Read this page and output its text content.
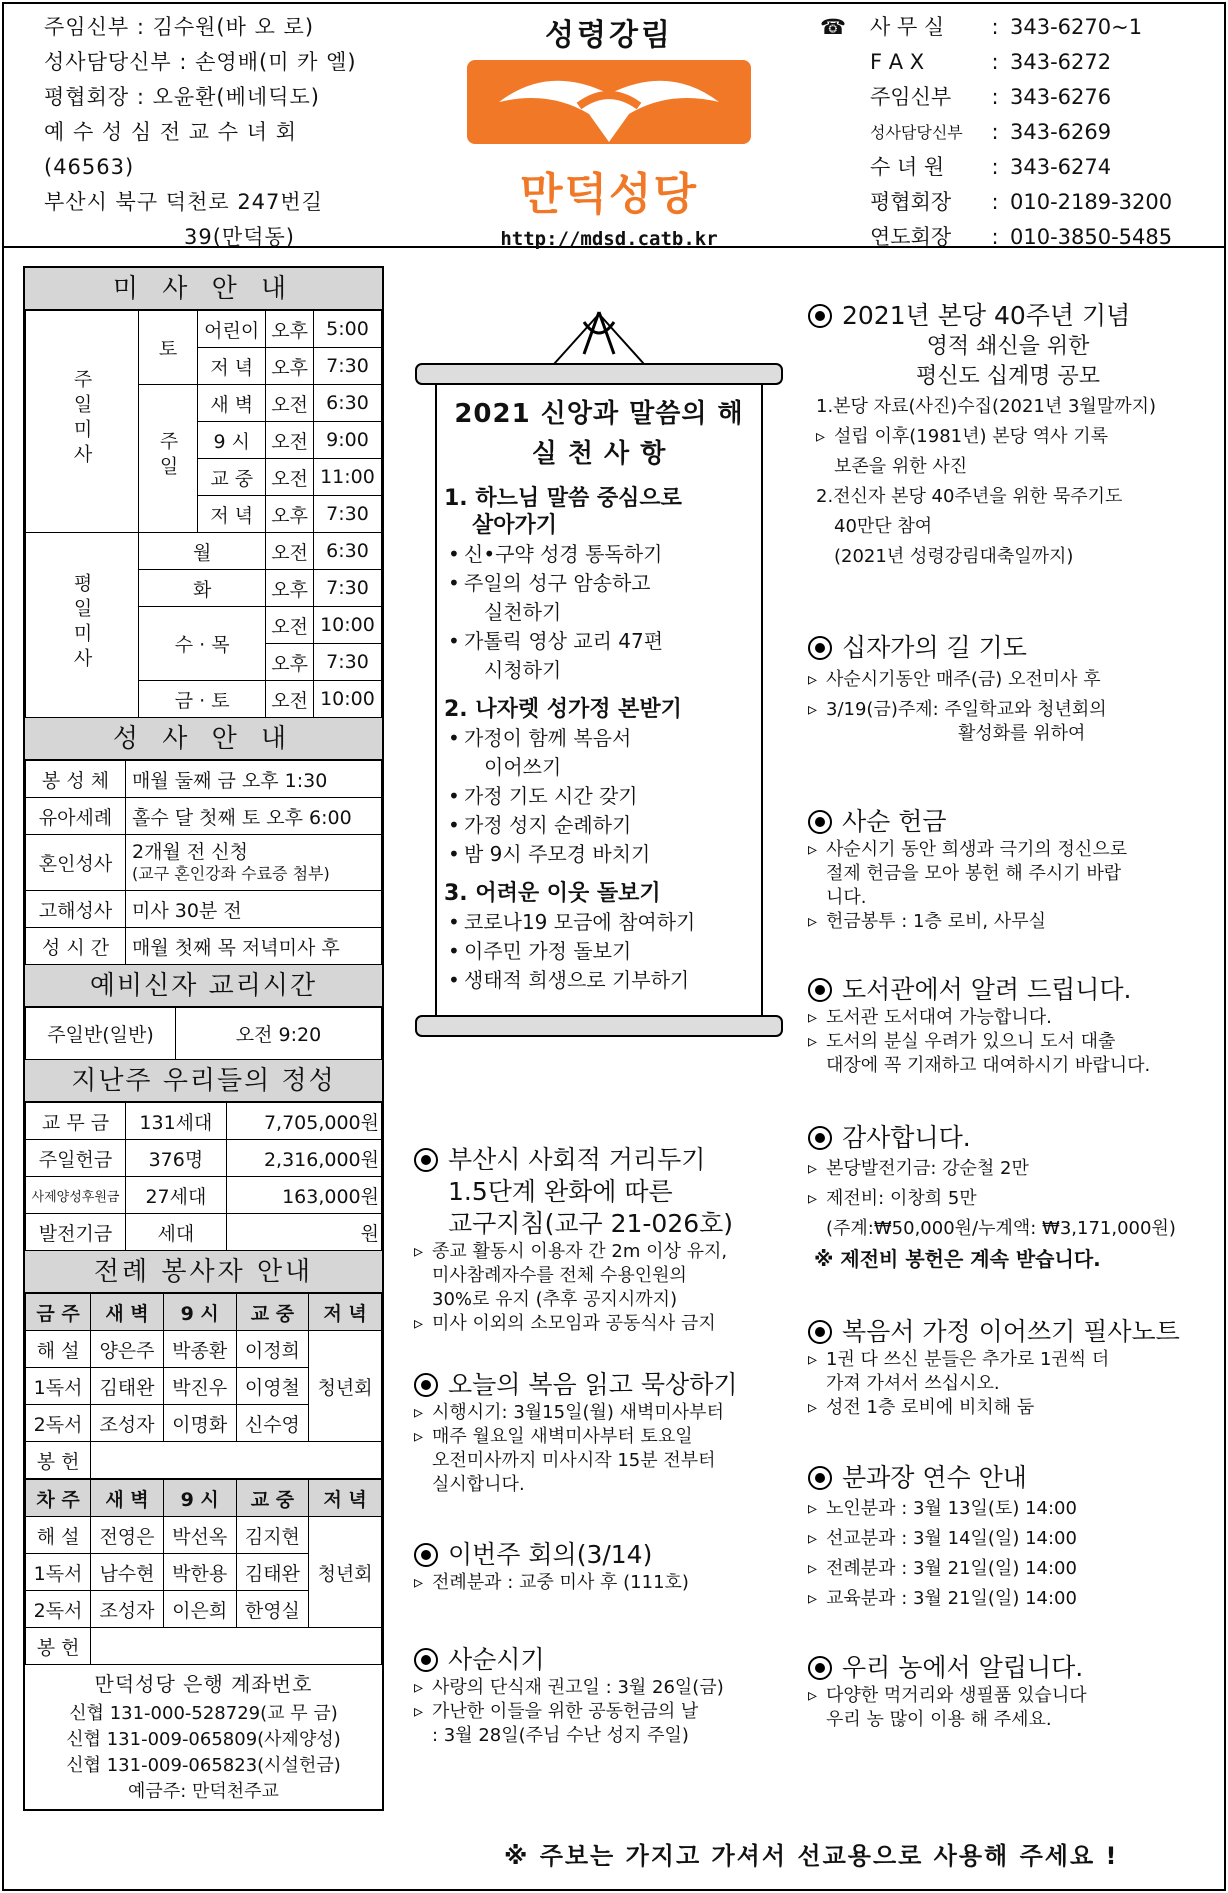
주임신부 : 김수원(바 오 로)
성사담당신부 : 손영배(미 카 엘)
평협회장 : 오윤환(베네딕도)
예 수 성 심 전 교 수 녀 회
(46563)
부산시 북구 덕천로 247번길
39(만덕동)
성령강림
만덕성당
http://mdsd.catb.kr
☎	사 무 실	: 343-6270~1
F A X	: 343-6272
주임신부	: 343-6276
성사담당신부	: 343-6269
수 녀 원	: 343-6274
평협회장	: 010-2189-3200
연도회장	: 010-3850-5485
미 사 안 내
주일미사	토	어린이	오후	5:00
		저 녁	오후	7:30
	주일	새 벽	오전	6:30
		9 시	오전	9:00
		교 중	오전	11:00
		저 녁	오후	7:30
평일미사	월		오전	6:30
	화		오후	7:30
	수 · 목		오전	10:00
			오후	7:30
	금 · 토		오전	10:00
성 사 안 내
봉 성 체	매월 둘째 금 오후 1:30
유아세례	홀수 달 첫째 토 오후 6:00
혼인성사	2개월 전 신청
(교구 혼인강좌 수료증 첨부)

고해성사	미사 30분 전
성 시 간	매월 첫째 목 저녁미사 후
예비신자 교리시간
주일반(일반)	오전 9:20
지난주 우리들의 정성
교 무 금	131세대	7,705,000원
주일헌금	376명	2,316,000원
사제양성후원금	27세대	163,000원
발전기금	세대	원
전례 봉사자 안내
금 주	새 벽	9 시	교 중	저 녁
해 설	양은주	박종환	이정희	청년회
1독서	김태완	박진우	이영철	
2독서	조성자	이명화	신수영	
봉 헌				
차 주	새 벽	9 시	교 중	저 녁
해 설	전영은	박선옥	김지현	청년회
1독서	남수현	박한용	김태완	
2독서	조성자	이은희	한영실	
봉 헌				
만덕성당 은행 계좌번호
신협 131-000-528729(교 무 금)
신협 131-009-065809(사제양성)
신협 131-009-065823(시설헌금)
예금주: 만덕천주교
2021 신앙과 말씀의 해
실 천 사 항
1. 하느님 말씀 중심으로
살아가기
• 신•구약 성경 통독하기
• 주일의 성구 암송하고
실천하기
• 가톨릭 영상 교리 47편
시청하기
2. 나자렛 성가정 본받기
• 가정이 함께 복음서
이어쓰기
• 가정 기도 시간 갖기
• 가정 성지 순례하기
• 밤 9시 주모경 바치기
3. 어려운 이웃 돌보기
• 코로나19 모금에 참여하기
• 이주민 가정 돌보기
• 생태적 희생으로 기부하기
부산시 사회적 거리두기
1.5단계 완화에 따른
교구지침(교구 21-026호)
▹ 종교 활동시 이용자 간 2m 이상 유지,
미사참례자수를 전체 수용인원의
30%로 유지 (추후 공지시까지)
▹ 미사 이외의 소모임과 공동식사 금지
오늘의 복음 읽고 묵상하기
▹ 시행시기: 3월15일(월) 새벽미사부터
▹ 매주 월요일 새벽미사부터 토요일
오전미사까지 미사시작 15분 전부터
실시합니다.
이번주 회의(3/14)
▹ 전례분과 : 교중 미사 후 (111호)
사순시기
▹ 사랑의 단식재 권고일 : 3월 26일(금)
▹ 가난한 이들을 위한 공동헌금의 날
: 3월 28일(주님 수난 성지 주일)
2021년 본당 40주년 기념
영적 쇄신을 위한
평신도 십계명 공모
1.본당 자료(사진)수집(2021년 3월말까지)
▹ 설립 이후(1981년) 본당 역사 기록
보존을 위한 사진
2.전신자 본당 40주년을 위한 묵주기도
40만단 참여
(2021년 성령강림대축일까지)
십자가의 길 기도
▹ 사순시기동안 매주(금) 오전미사 후
▹ 3/19(금)주제: 주일학교와 청년회의
활성화를 위하여
사순 헌금
▹ 사순시기 동안 희생과 극기의 정신으로
절제 헌금을 모아 봉헌 해 주시기 바랍
니다.
▹ 헌금봉투 : 1층 로비, 사무실
도서관에서 알려 드립니다.
▹ 도서관 도서대여 가능합니다.
▹ 도서의 분실 우려가 있으니 도서 대출
대장에 꼭 기재하고 대여하시기 바랍니다.
감사합니다.
▹ 본당발전기금: 강순철 2만
▹ 제전비: 이창희 5만
(주계:₩50,000원/누계액: ₩3,171,000원)
※ 제전비 봉헌은 계속 받습니다.
복음서 가정 이어쓰기 필사노트
▹ 1권 다 쓰신 분들은 추가로 1권씩 더
가져 가셔서 쓰십시오.
▹ 성전 1층 로비에 비치해 둠
분과장 연수 안내
▹ 노인분과 : 3월 13일(토) 14:00
▹ 선교분과 : 3월 14일(일) 14:00
▹ 전례분과 : 3월 21일(일) 14:00
▹ 교육분과 : 3월 21일(일) 14:00
우리 농에서 알립니다.
▹ 다양한 먹거리와 생필품 있습니다
우리 농 많이 이용 해 주세요.
※ 주보는 가지고 가셔서 선교용으로 사용해 주세요 !
